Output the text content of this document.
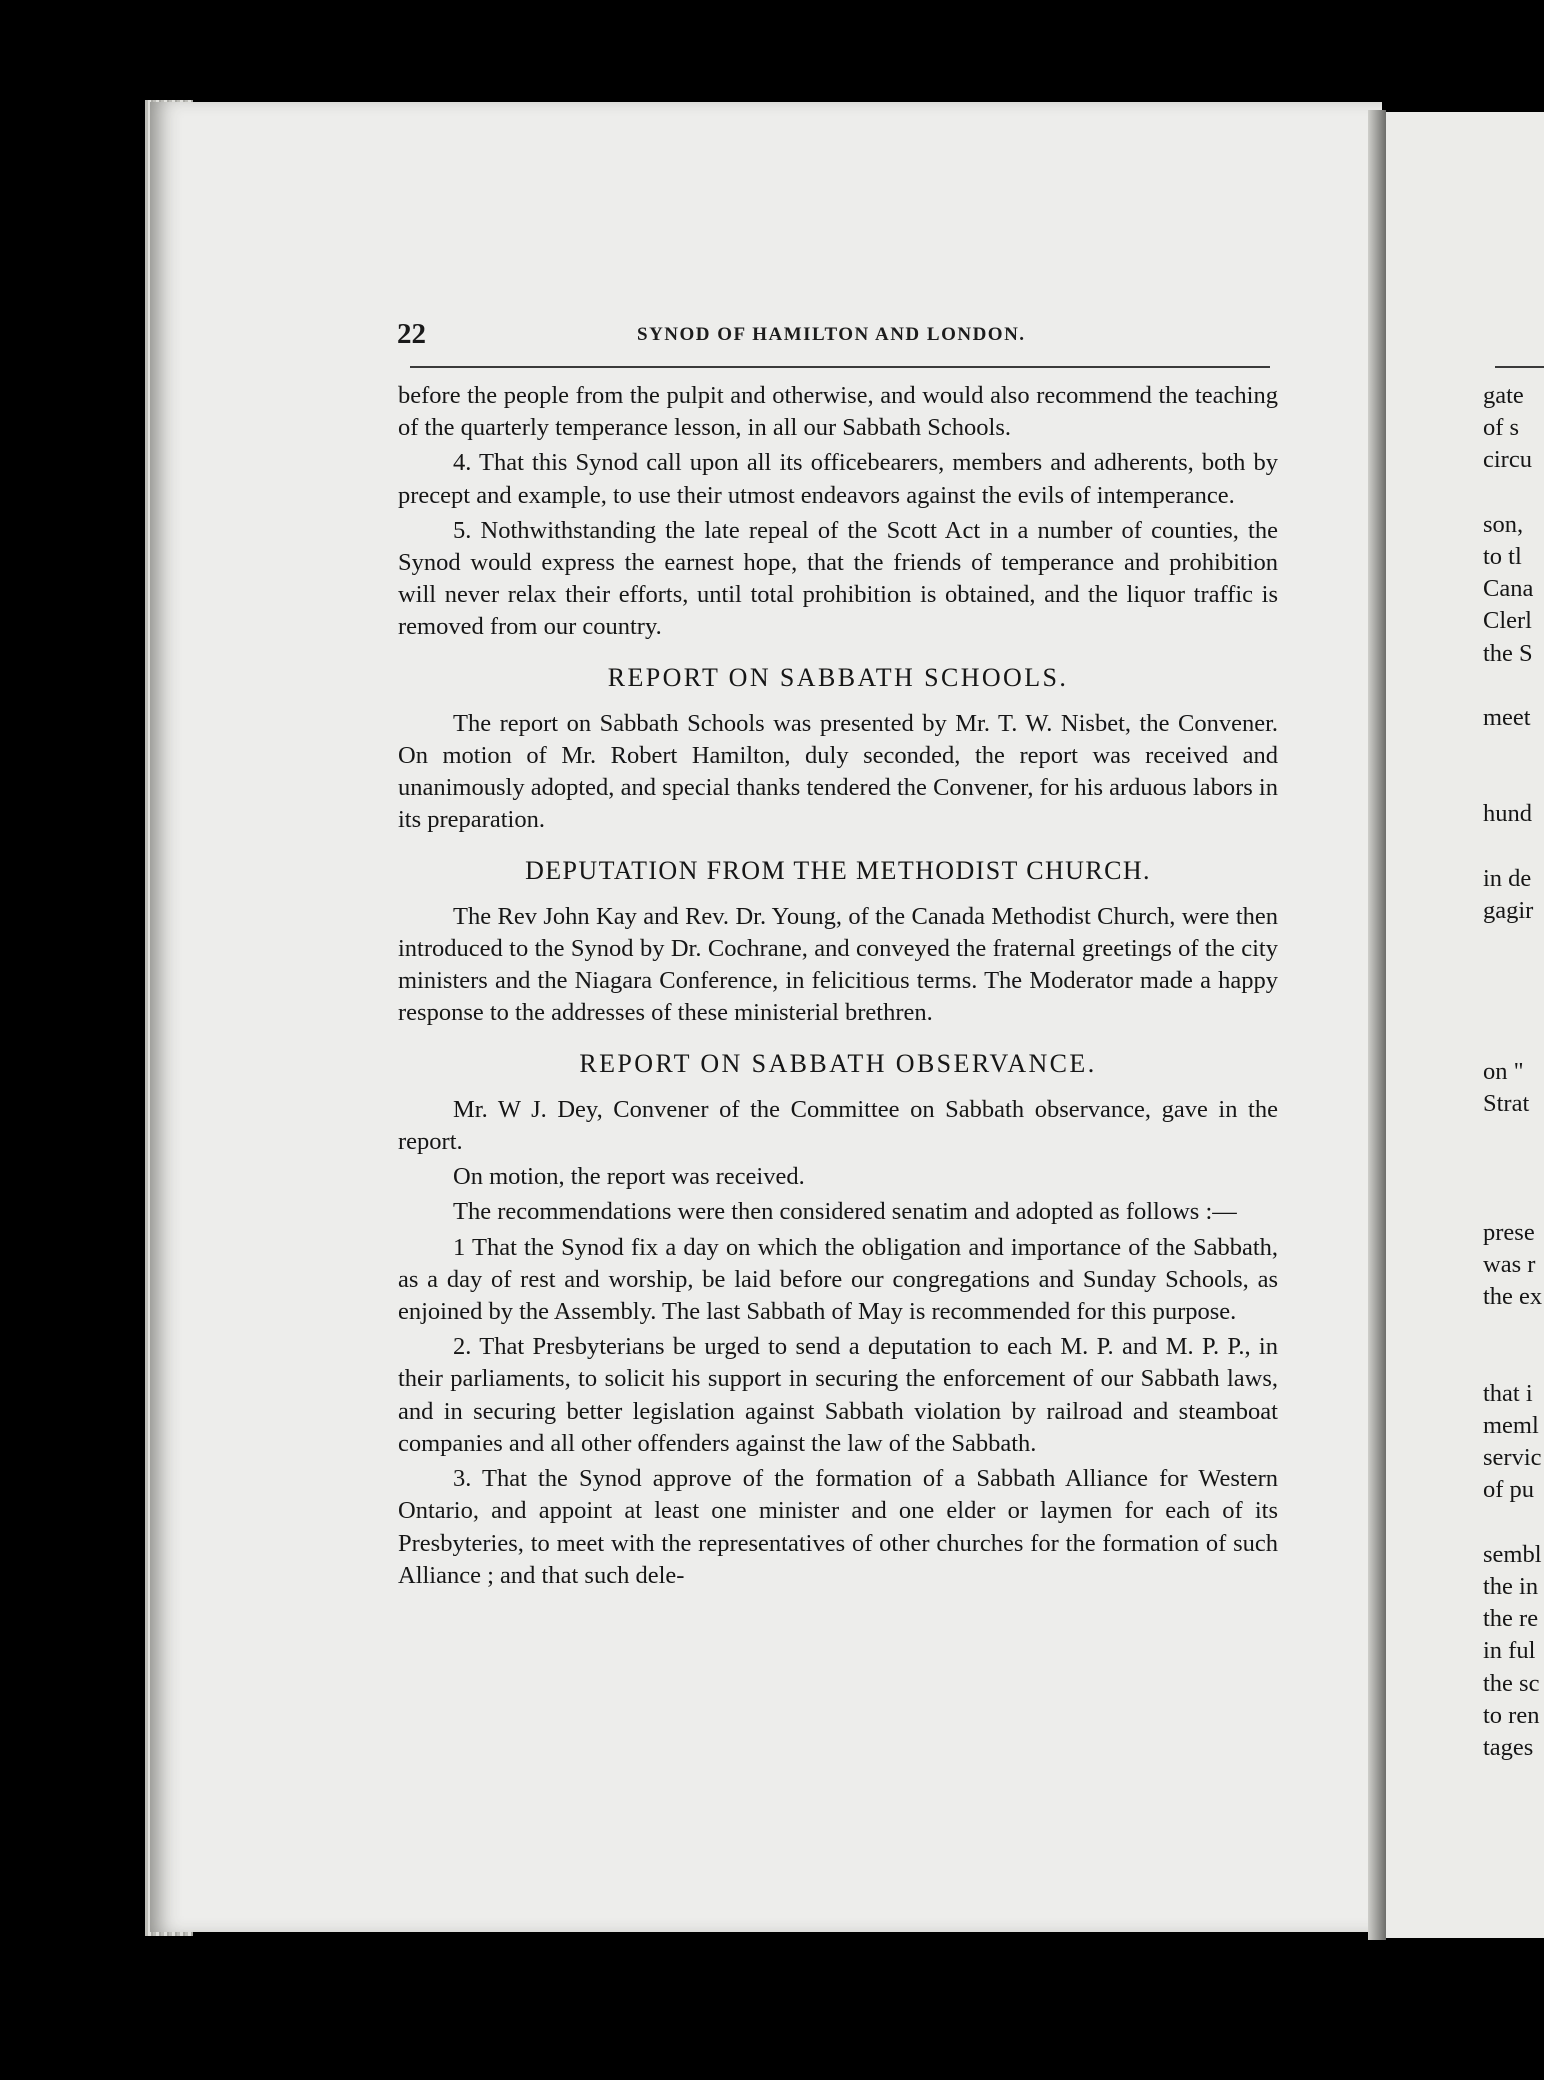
22	SYNOD OF HAMILTON AND LONDON.

before the people from the pulpit and otherwise, and would also recommend the teaching of the quarterly temperance lesson, in all our Sabbath Schools.

4. That this Synod call upon all its officebearers, members and adherents, both by precept and example, to use their utmost endeavors against the evils of intemperance.

5. Nothwithstanding the late repeal of the Scott Act in a number of counties, the Synod would express the earnest hope, that the friends of temperance and prohibition will never relax their efforts, until total prohibition is obtained, and the liquor traffic is removed from our country.

REPORT ON SABBATH SCHOOLS.

The report on Sabbath Schools was presented by Mr. T. W. Nisbet, the Convener. On motion of Mr. Robert Hamilton, duly seconded, the report was received and unanimously adopted, and special thanks tendered the Convener, for his arduous labors in its preparation.

DEPUTATION FROM THE METHODIST CHURCH.

The Rev John Kay and Rev. Dr. Young, of the Canada Methodist Church, were then introduced to the Synod by Dr. Cochrane, and conveyed the fraternal greetings of the city ministers and the Niagara Conference, in felicitious terms. The Moderator made a happy response to the addresses of these ministerial brethren.

REPORT ON SABBATH OBSERVANCE.

Mr. W J. Dey, Convener of the Committee on Sabbath observance, gave in the report.

On motion, the report was received.

The recommendations were then considered senatim and adopted as follows :—

1 That the Synod fix a day on which the obligation and importance of the Sabbath, as a day of rest and worship, be laid before our congregations and Sunday Schools, as enjoined by the Assembly. The last Sabbath of May is recommended for this purpose.

2. That Presbyterians be urged to send a deputation to each M. P. and M. P. P., in their parliaments, to solicit his support in securing the enforcement of our Sabbath laws, and in securing better legislation against Sabbath violation by railroad and steamboat companies and all other offenders against the law of the Sabbath.

3. That the Synod approve of the formation of a Sabbath Alliance for Western Ontario, and appoint at least one minister and one elder or laymen for each of its Presbyteries, to meet with the representatives of other churches for the formation of such Alliance ; and that such dele-

gate
of s
circu
son,
to tl
Cana
Clerl
the S
meet
hund
in de
gagir
on "
Strat
prese
was r
the ex
that i
meml
servic
of pu
sembl
the in
the re
in ful
the sc
to ren
tages
